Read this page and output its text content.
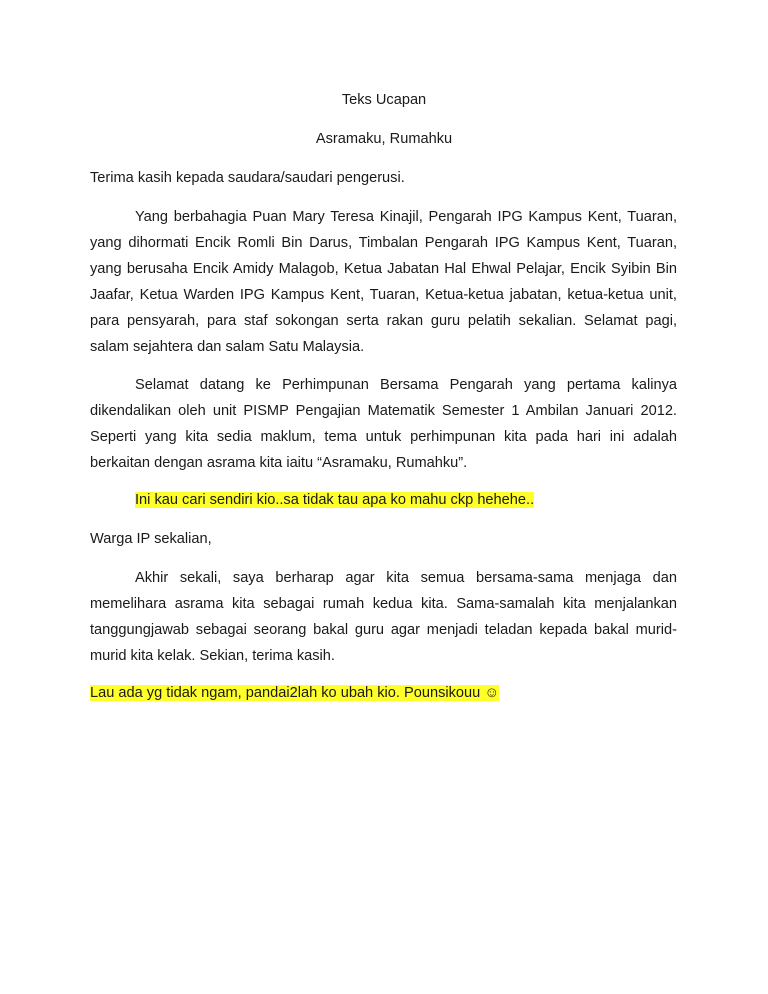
Teks Ucapan

Asramaku, Rumahku

Terima kasih kepada saudara/saudari pengerusi.

Yang berbahagia Puan Mary Teresa Kinajil, Pengarah IPG Kampus Kent, Tuaran, yang dihormati Encik Romli Bin Darus, Timbalan Pengarah IPG Kampus Kent, Tuaran, yang berusaha Encik Amidy Malagob, Ketua Jabatan Hal Ehwal Pelajar, Encik Syibin Bin Jaafar, Ketua Warden IPG Kampus Kent, Tuaran, Ketua-ketua jabatan, ketua-ketua unit, para pensyarah, para staf sokongan serta rakan guru pelatih sekalian. Selamat pagi, salam sejahtera dan salam Satu Malaysia.

Selamat datang ke Perhimpunan Bersama Pengarah yang pertama kalinya dikendalikan oleh unit PISMP Pengajian Matematik Semester 1 Ambilan Januari 2012. Seperti yang kita sedia maklum, tema untuk perhimpunan kita pada hari ini adalah berkaitan dengan asrama kita iaitu “Asramaku, Rumahku”.

Ini kau cari sendiri kio..sa tidak tau apa ko mahu ckp hehehe..

Warga IP sekalian,

Akhir sekali, saya berharap agar kita semua bersama-sama menjaga dan memelihara asrama kita sebagai rumah kedua kita. Sama-samalah kita menjalankan tanggungjawab sebagai seorang bakal guru agar menjadi teladan kepada bakal murid-murid kita kelak. Sekian, terima kasih.

Lau ada yg tidak ngam, pandai2lah ko ubah kio. Pounsikouu ☺
